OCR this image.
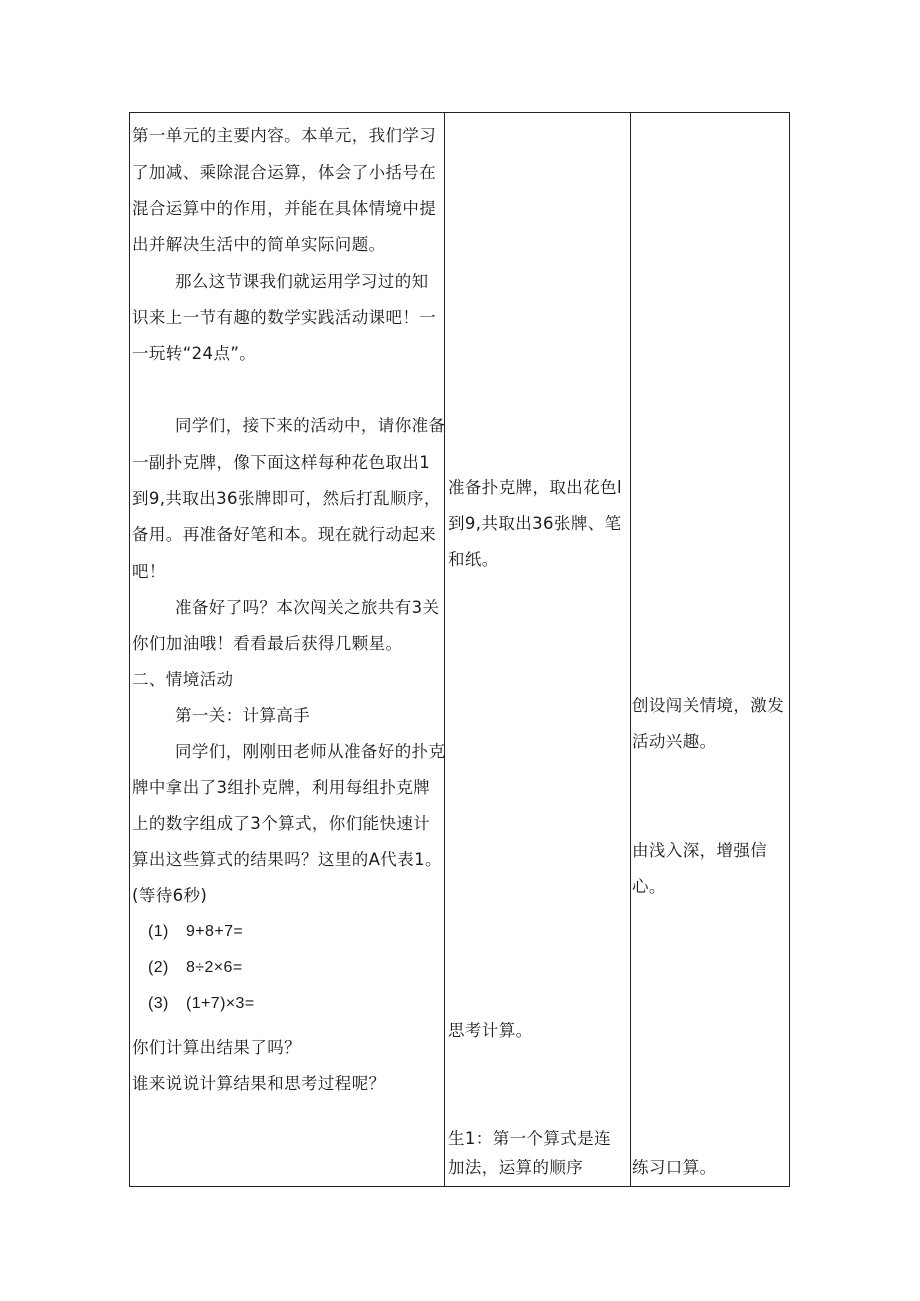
第一单元的主要内容。本单元，我们学习

了加减、乘除混合运算，体会了小括号在

混合运算中的作用，并能在具体情境中提

出并解决生活中的简单实际问题。

那么这节课我们就运用学习过的知

识来上一节有趣的数学实践活动课吧！一

一玩转“24点”。

同学们，接下来的活动中，请你准备

一副扑克牌，像下面这样每种花色取出1

到9,共取出36张牌即可，然后打乱顺序，

备用。再准备好笔和本。现在就行动起来

吧！

准备好了吗？本次闯关之旅共有3关

你们加油哦！看看最后获得几颗星。

二、情境活动

第一关：计算高手

同学们，刚刚田老师从准备好的扑克

牌中拿出了3组扑克牌，利用每组扑克牌

上的数字组成了3个算式，你们能快速计

算出这些算式的结果吗？这里的A代表1。

(等待6秒)

(1) 9+8+7=
(2) 8÷2×6=
(3) (1+7)×3=

你们计算出结果了吗？

谁来说说计算结果和思考过程呢？

准备扑克牌，取出花色l

到9,共取出36张牌、笔

和纸。

思考计算。

生1：第一个算式是连

加法，运算的顺序

创设闯关情境，激发

活动兴趣。

由浅入深，增强信

心。

练习口算。
